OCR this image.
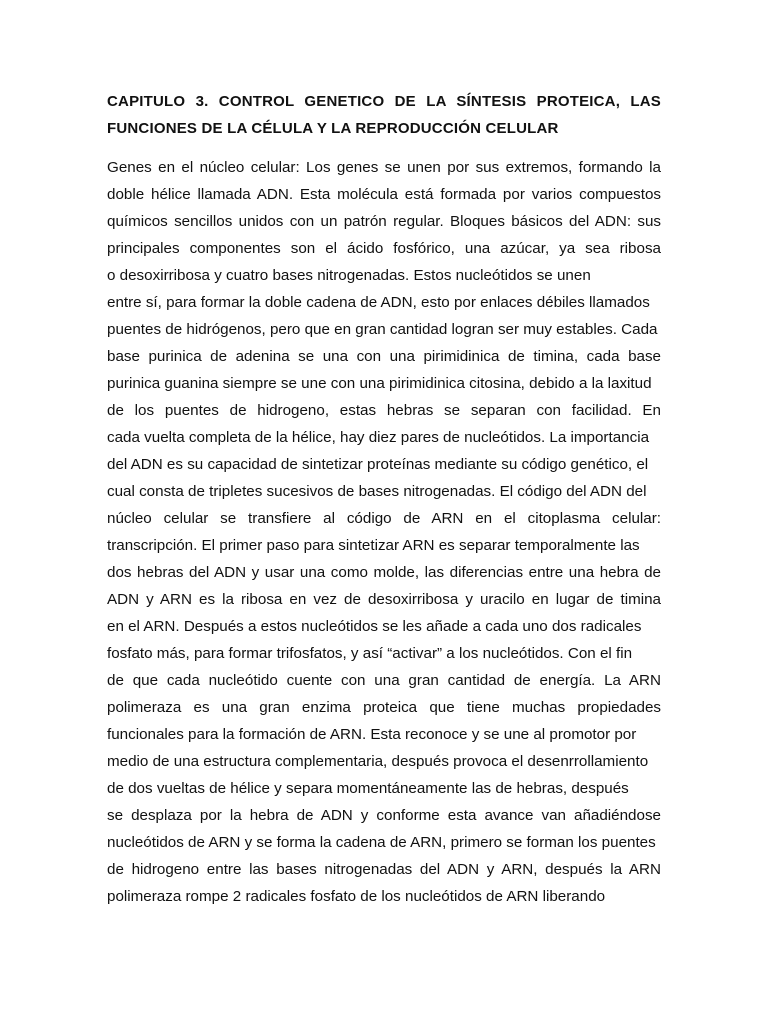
CAPITULO 3. CONTROL GENETICO DE LA SÍNTESIS PROTEICA, LAS
FUNCIONES DE LA CÉLULA Y LA REPRODUCCIÓN CELULAR
Genes en el núcleo celular: Los genes se unen por sus extremos, formando la
doble hélice llamada ADN. Esta molécula está formada por varios compuestos
químicos sencillos unidos con un patrón regular. Bloques básicos del ADN: sus
principales componentes son el ácido fosfórico, una azúcar, ya sea ribosa
o desoxirribosa y cuatro bases nitrogenadas. Estos nucleótidos se unen
entre sí, para formar la doble cadena de ADN, esto por enlaces débiles llamados
puentes de hidrógenos, pero que en gran cantidad logran ser muy estables. Cada
base purinica de adenina se una con una pirimidinica de timina, cada base
purinica guanina siempre se une con una pirimidinica citosina, debido a la laxitud
de los puentes de hidrogeno, estas hebras se separan con facilidad. En
cada vuelta completa de la hélice, hay diez pares de nucleótidos. La importancia
del ADN es su capacidad de sintetizar proteínas mediante su código genético, el
cual consta de tripletes sucesivos de bases nitrogenadas. El código del ADN del
núcleo celular se transfiere al código de ARN en el citoplasma celular:
transcripción. El primer paso para sintetizar ARN es separar temporalmente las
dos hebras del ADN y usar una como molde, las diferencias entre una hebra de
ADN y ARN es la ribosa en vez de desoxirribosa y uracilo en lugar de timina
en el ARN. Después a estos nucleótidos se les añade a cada uno dos radicales
fosfato más, para formar trifosfatos, y así “activar” a los nucleótidos. Con el fin
de que cada nucleótido cuente con una gran cantidad de energía. La ARN
polimeraza es una gran enzima proteica que tiene muchas propiedades
funcionales para la formación de ARN. Esta reconoce y se une al promotor por
medio de una estructura complementaria, después provoca el desenrrollamiento
de dos vueltas de hélice y separa momentáneamente las de hebras, después
se desplaza por la hebra de ADN y conforme esta avance van añadiéndose
nucleótidos de ARN y se forma la cadena de ARN, primero se forman los puentes
de hidrogeno entre las bases nitrogenadas del ADN y ARN, después la ARN
polimeraza rompe 2 radicales fosfato de los nucleótidos de ARN liberando
